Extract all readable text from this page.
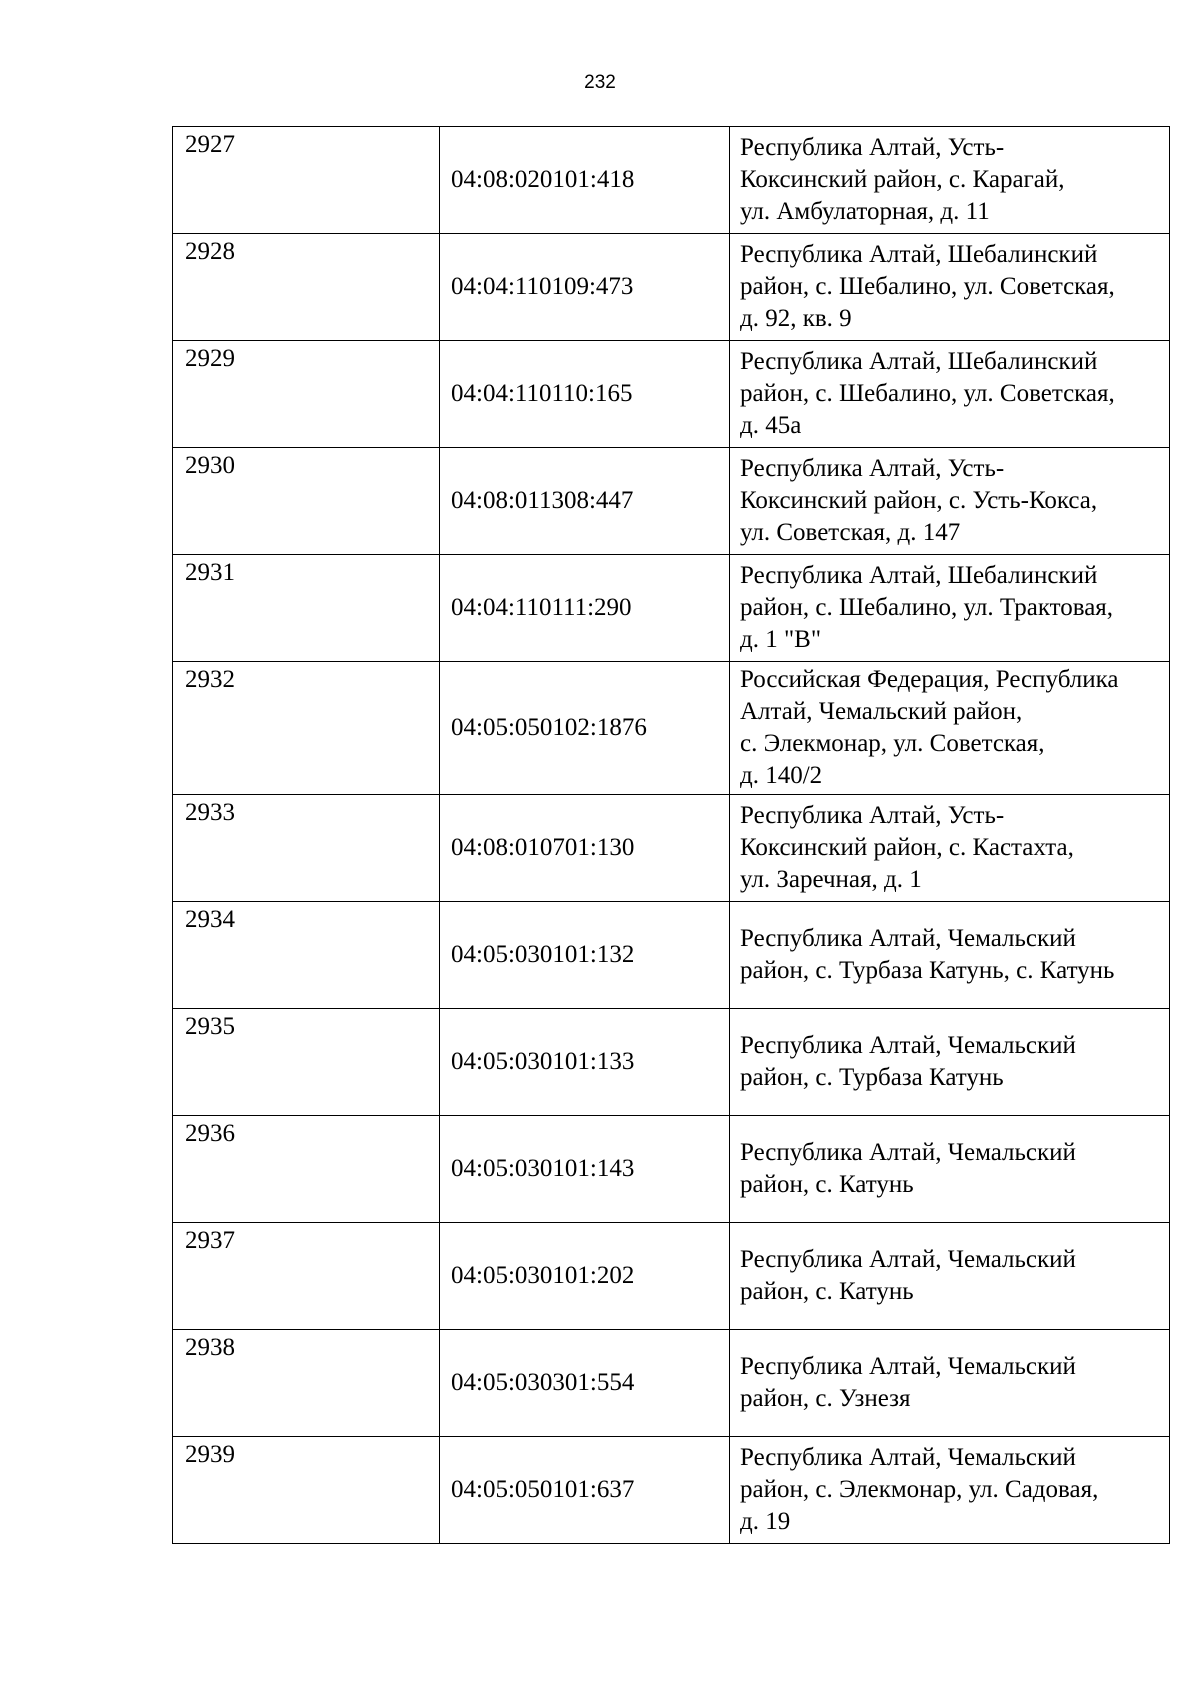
232
2927	04:08:020101:418	Республика Алтай, Усть-
Коксинский район, с. Карагай,
ул. Амбулаторная, д. 11

2928	04:04:110109:473	Республика Алтай, Шебалинский
район, с. Шебалино, ул. Советская,
д. 92, кв. 9

2929	04:04:110110:165	Республика Алтай, Шебалинский
район, с. Шебалино, ул. Советская,
д. 45а

2930	04:08:011308:447	Республика Алтай, Усть-
Коксинский район, с. Усть-Кокса,
ул. Советская, д. 147

2931	04:04:110111:290	Республика Алтай, Шебалинский
район, с. Шебалино, ул. Трактовая,
д. 1 "В"

2932	04:05:050102:1876	Российская Федерация, Республика
Алтай, Чемальский район,
с. Элекмонар, ул. Советская,
д. 140/2

2933	04:08:010701:130	Республика Алтай, Усть-
Коксинский район, с. Кастахта,
ул. Заречная, д. 1

2934	04:05:030101:132	Республика Алтай, Чемальский
район, с. Турбаза Катунь, с. Катунь

2935	04:05:030101:133	Республика Алтай, Чемальский
район, с. Турбаза Катунь

2936	04:05:030101:143	Республика Алтай, Чемальский
район, с. Катунь

2937	04:05:030101:202	Республика Алтай, Чемальский
район, с. Катунь

2938	04:05:030301:554	Республика Алтай, Чемальский
район, с. Узнезя

2939	04:05:050101:637	Республика Алтай, Чемальский
район, с. Элекмонар, ул. Садовая,
д. 19
